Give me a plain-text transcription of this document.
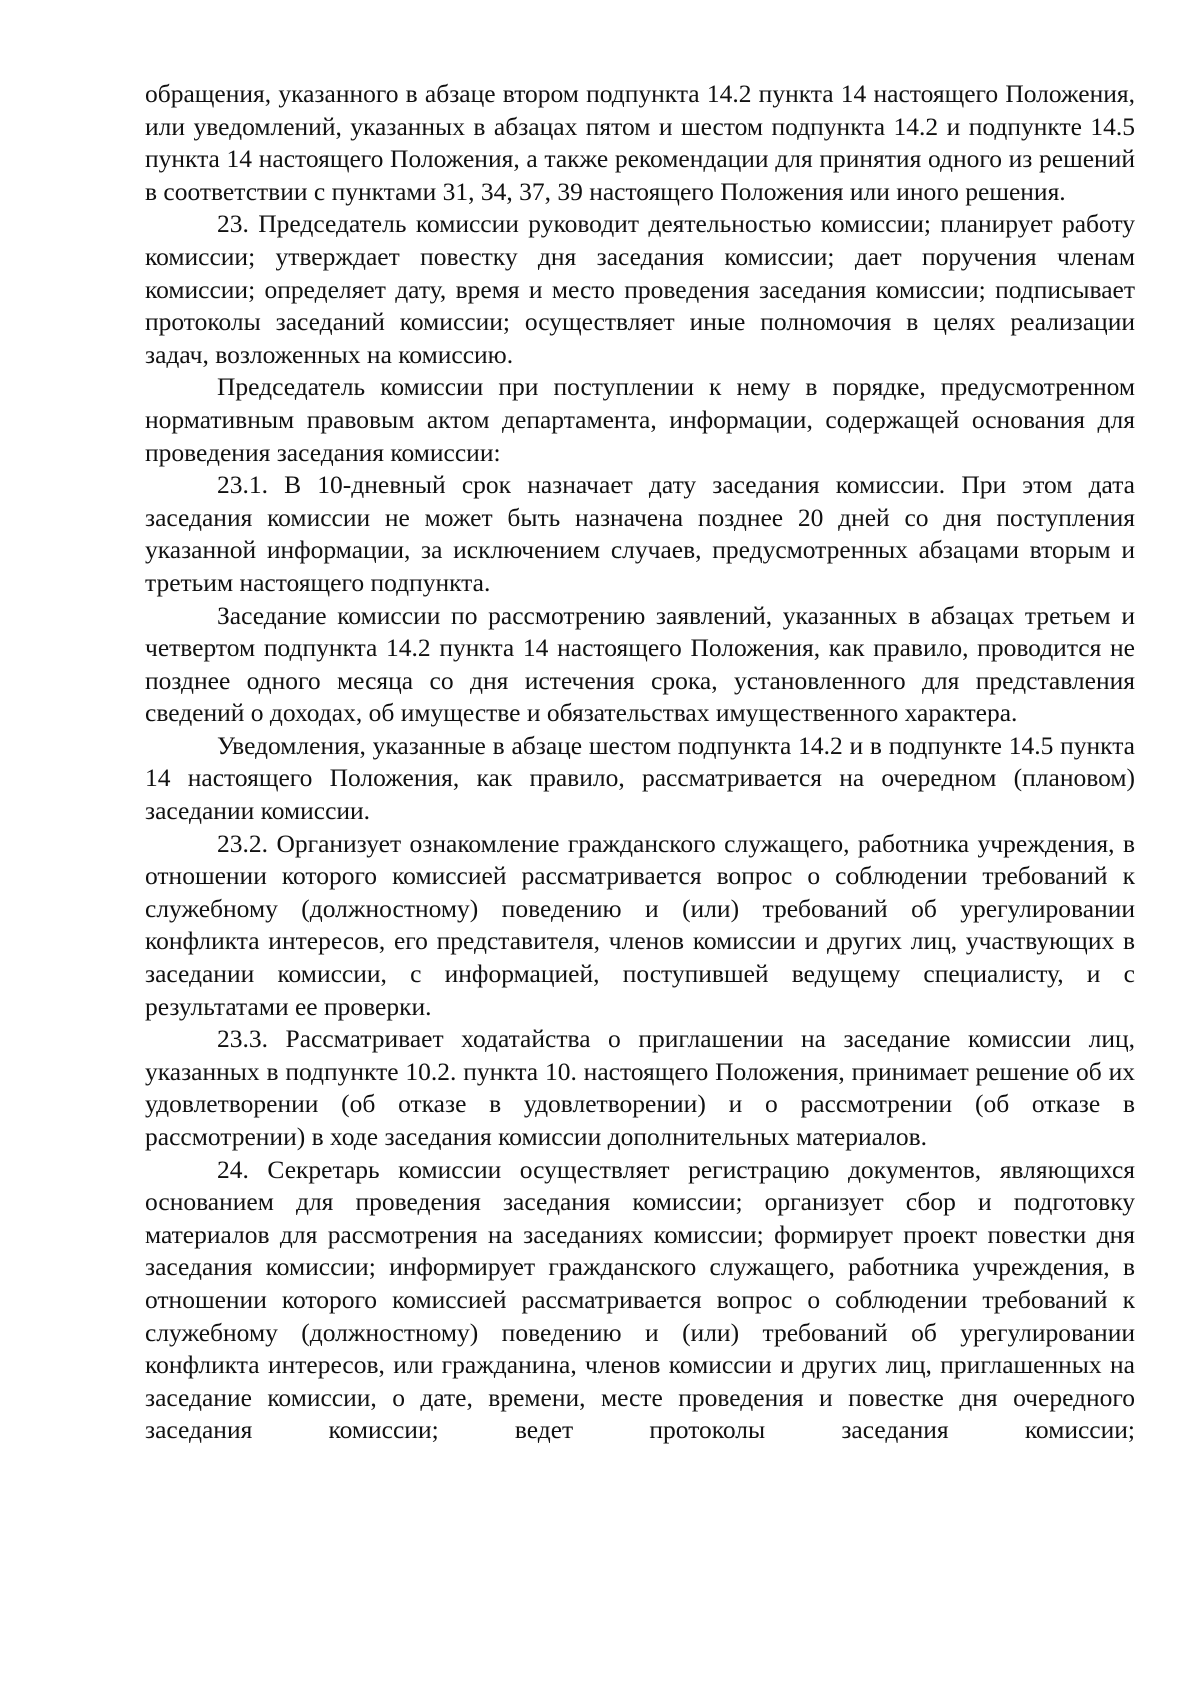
обращения, указанного в абзаце втором подпункта 14.2 пункта 14 настоящего Положения, или уведомлений, указанных в абзацах пятом и шестом подпункта 14.2 и подпункте 14.5 пункта 14 настоящего Положения, а также рекомендации для принятия одного из решений в соответствии с пунктами 31, 34, 37, 39 настоящего Положения или иного решения.

23. Председатель комиссии руководит деятельностью комиссии; планирует работу комиссии; утверждает повестку дня заседания комиссии; дает поручения членам комиссии; определяет дату, время и место проведения заседания комиссии; подписывает протоколы заседаний комиссии; осуществляет иные полномочия в целях реализации задач, возложенных на комиссию.

Председатель комиссии при поступлении к нему в порядке, предусмотренном нормативным правовым актом департамента, информации, содержащей основания для проведения заседания комиссии:

23.1. В 10-дневный срок назначает дату заседания комиссии. При этом дата заседания комиссии не может быть назначена позднее 20 дней со дня поступления указанной информации, за исключением случаев, предусмотренных абзацами вторым и третьим настоящего подпункта.

Заседание комиссии по рассмотрению заявлений, указанных в абзацах третьем и четвертом подпункта 14.2 пункта 14 настоящего Положения, как правило, проводится не позднее одного месяца со дня истечения срока, установленного для представления сведений о доходах, об имуществе и обязательствах имущественного характера.

Уведомления, указанные в абзаце шестом подпункта 14.2 и в подпункте 14.5 пункта 14 настоящего Положения, как правило, рассматривается на очередном (плановом) заседании комиссии.

23.2. Организует ознакомление гражданского служащего, работника учреждения, в отношении которого комиссией рассматривается вопрос о соблюдении требований к служебному (должностному) поведению и (или) требований об урегулировании конфликта интересов, его представителя, членов комиссии и других лиц, участвующих в заседании комиссии, с информацией, поступившей ведущему специалисту, и с результатами ее проверки.

23.3. Рассматривает ходатайства о приглашении на заседание комиссии лиц, указанных в подпункте 10.2. пункта 10. настоящего Положения, принимает решение об их удовлетворении (об отказе в удовлетворении) и о рассмотрении (об отказе в рассмотрении) в ходе заседания комиссии дополнительных материалов.

24. Секретарь комиссии осуществляет регистрацию документов, являющихся основанием для проведения заседания комиссии; организует сбор и подготовку материалов для рассмотрения на заседаниях комиссии; формирует проект повестки дня заседания комиссии; информирует гражданского служащего, работника учреждения, в отношении которого комиссией рассматривается вопрос о соблюдении требований к служебному (должностному) поведению и (или) требований об урегулировании конфликта интересов, или гражданина, членов комиссии и других лиц, приглашенных на заседание комиссии, о дате, времени, месте проведения и повестке дня очередного заседания комиссии; ведет протоколы заседания комиссии;
